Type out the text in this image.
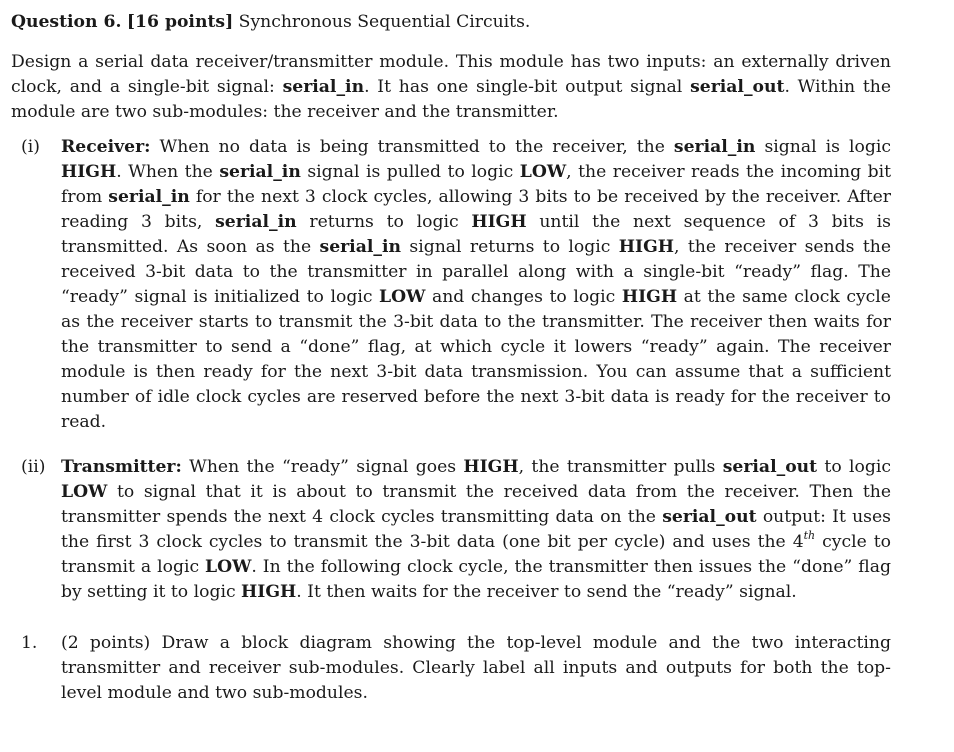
Question 6. [16 points] Synchronous Sequential Circuits.

Design a serial data receiver/transmitter module. This module has two inputs: an externally driven clock, and a single-bit signal: serial_in. It has one single-bit output signal serial_out. Within the module are two sub-modules: the receiver and the transmitter.

(i) Receiver: When no data is being transmitted to the receiver, the serial_in signal is logic HIGH. When the serial_in signal is pulled to logic LOW, the receiver reads the incoming bit from serial_in for the next 3 clock cycles, allowing 3 bits to be received by the receiver. After reading 3 bits, serial_in returns to logic HIGH until the next sequence of 3 bits is transmitted. As soon as the serial_in signal returns to logic HIGH, the receiver sends the received 3-bit data to the transmitter in parallel along with a single-bit “ready” flag. The “ready” signal is initialized to logic LOW and changes to logic HIGH at the same clock cycle as the receiver starts to transmit the 3-bit data to the transmitter. The receiver then waits for the transmitter to send a “done” flag, at which cycle it lowers “ready” again. The receiver module is then ready for the next 3-bit data transmission. You can assume that a sufficient number of idle clock cycles are reserved before the next 3-bit data is ready for the receiver to read.
(ii) Transmitter: When the “ready” signal goes HIGH, the transmitter pulls serial_out to logic LOW to signal that it is about to transmit the received data from the receiver. Then the transmitter spends the next 4 clock cycles transmitting data on the serial_out output: It uses the first 3 clock cycles to transmit the 3-bit data (one bit per cycle) and uses the 4th cycle to transmit a logic LOW. In the following clock cycle, the transmitter then issues the “done” flag by setting it to logic HIGH. It then waits for the receiver to send the “ready” signal.
1. (2 points) Draw a block diagram showing the top-level module and the two interacting transmitter and receiver sub-modules. Clearly label all inputs and outputs for both the top-level module and two sub-modules.
